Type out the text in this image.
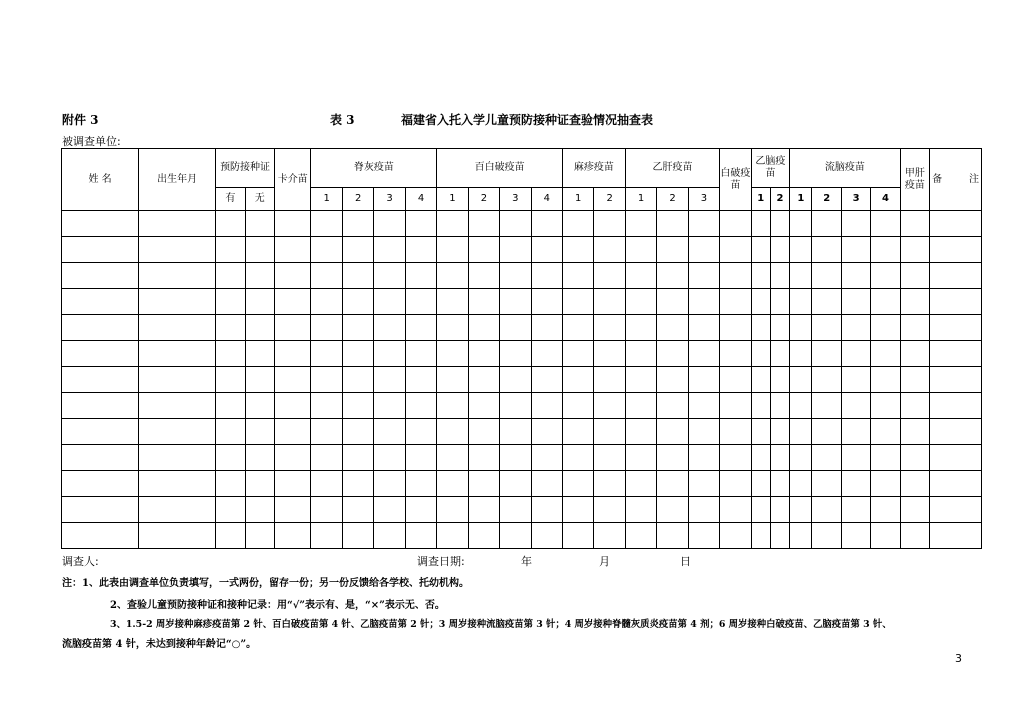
附件 3	表 3	福建省入托入学儿童预防接种证查验情况抽查表
被调查单位:
姓 名	出生年月	预防接种证		卡介苗	脊灰疫苗				百白破疫苗				麻疹疫苗		乙肝疫苗			白破疫苗	乙脑疫苗		流脑疫苗				甲肝疫苗	备 注
		有	无		1	2	3	4	1	2	3	4	1	2	1	2	3		1	2	1	2	3	4		

调查人:	调查日期:	年	月	日
注：1、此表由调查单位负责填写，一式两份，留存一份；另一份反馈给各学校、托幼机构。
2、查验儿童预防接种证和接种记录：用“√”表示有、是，“×”表示无、否。
3、1.5-2 周岁接种麻疹疫苗第 2 针、百白破疫苗第 4 针、乙脑疫苗第 2 针；3 周岁接种流脑疫苗第 3 针；4 周岁接种脊髓灰质炎疫苗第 4 剂；6 周岁接种白破疫苗、乙脑疫苗第 3 针、
流脑疫苗第 4 针，未达到接种年龄记“○”。
3
